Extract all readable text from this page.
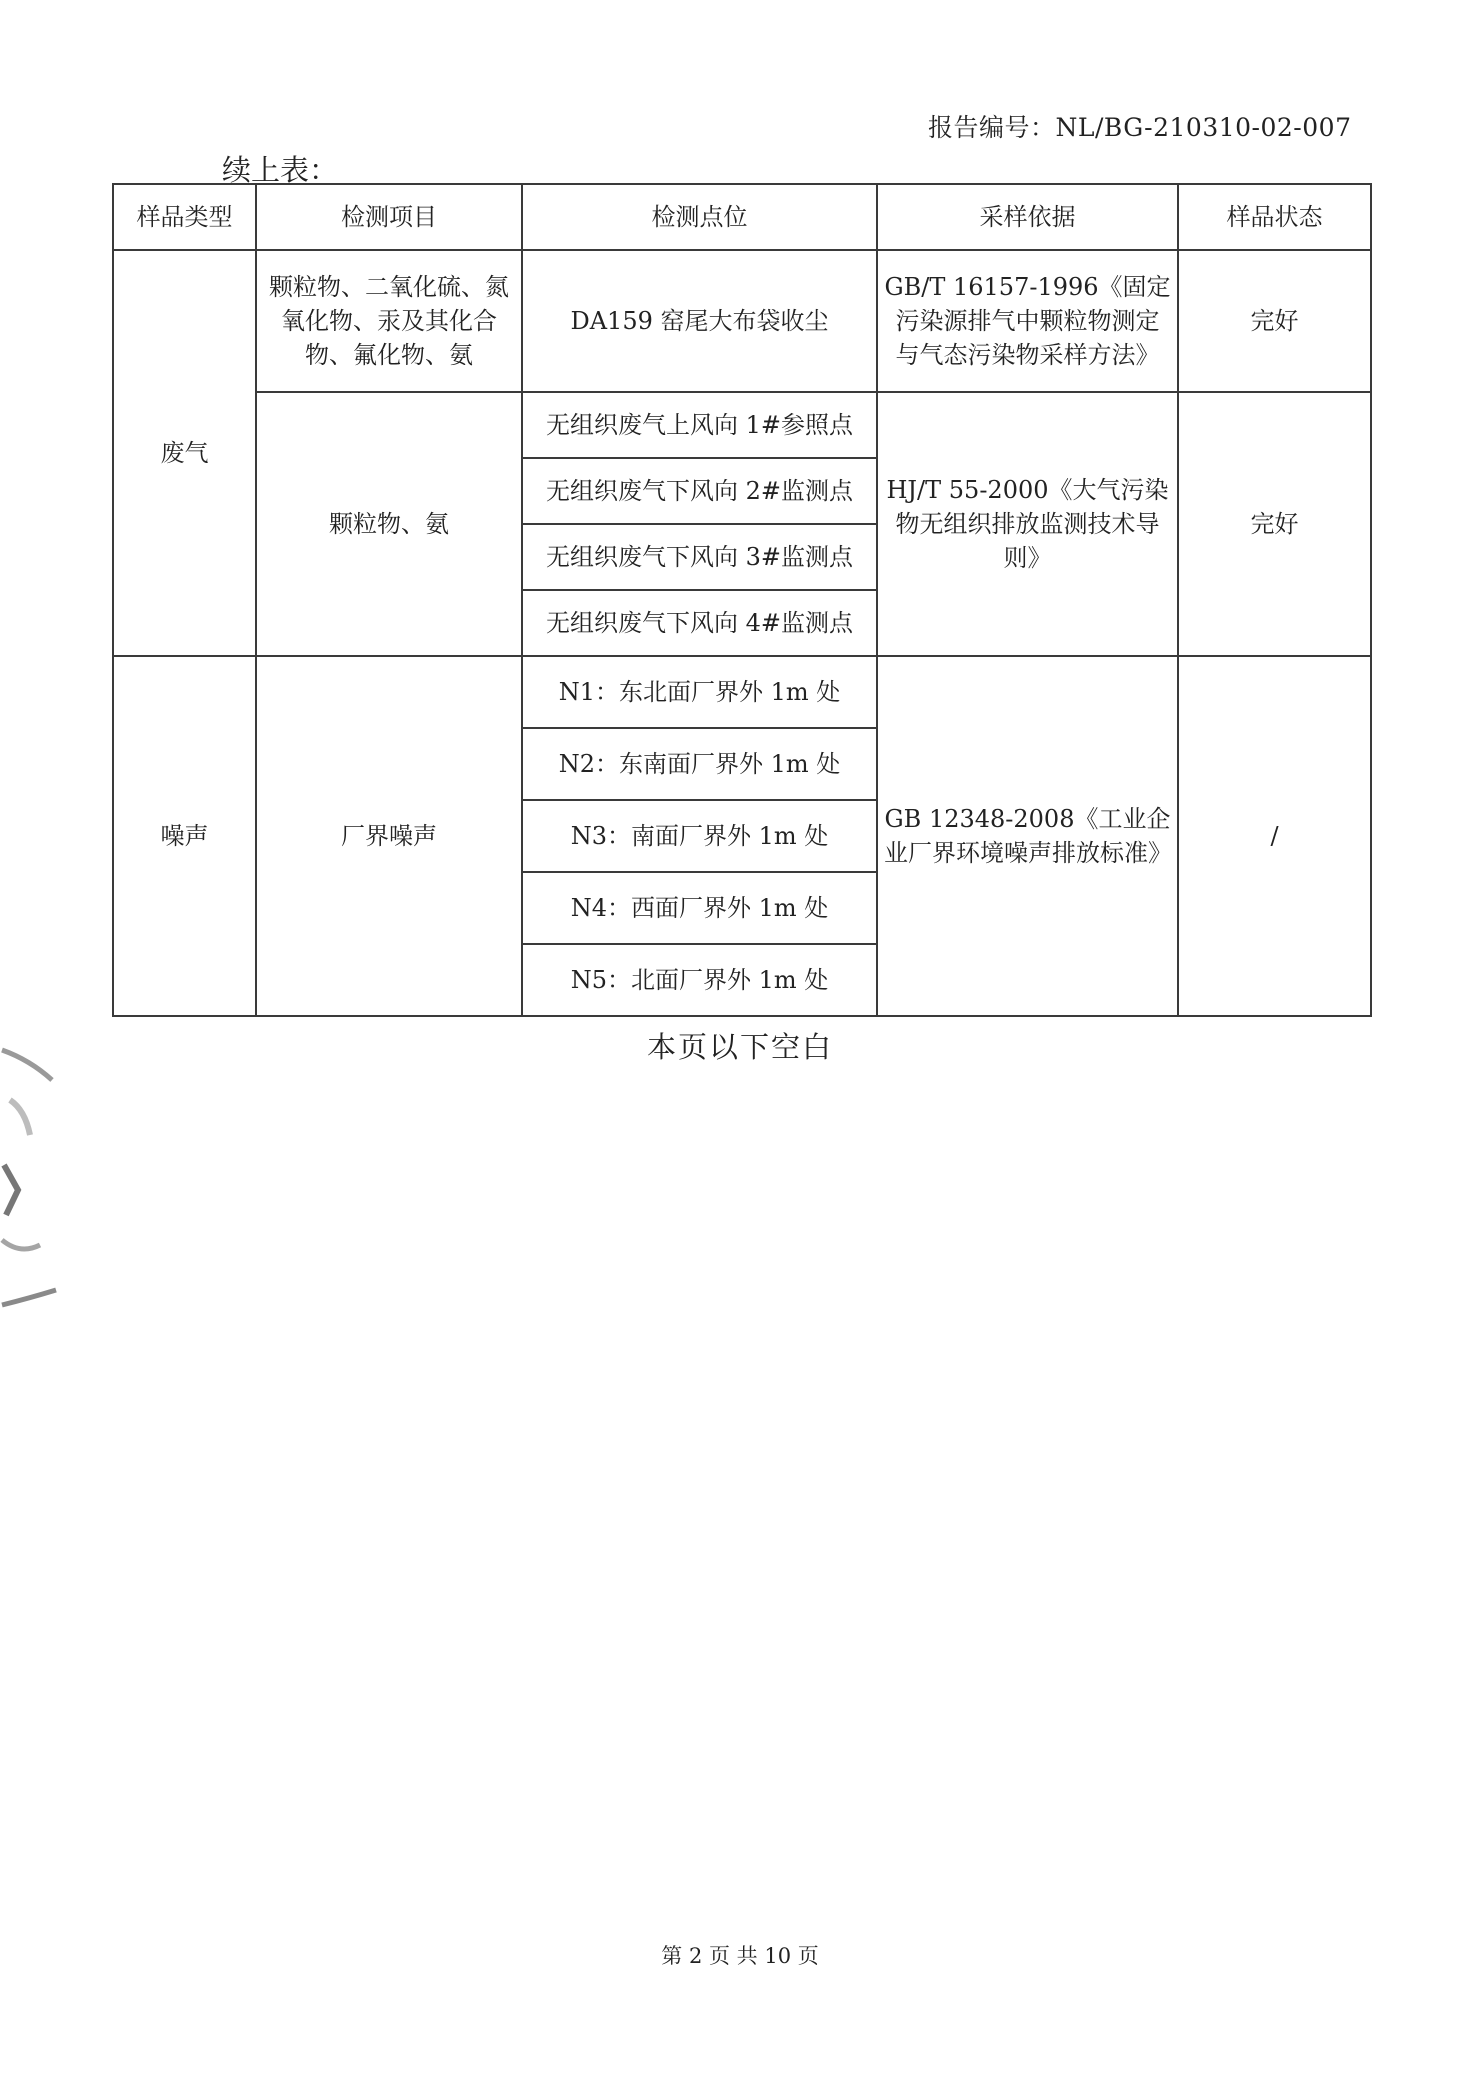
报告编号：NL/BG-210310-02-007
续上表：
样品类型	检测项目	检测点位	采样依据	样品状态
废气	颗粒物、二氧化硫、氮氧化物、汞及其化合物、氟化物、氨	DA159 窑尾大布袋收尘	GB/T 16157-1996《固定污染源排气中颗粒物测定与气态污染物采样方法》	完好
	颗粒物、氨	无组织废气上风向 1#参照点	HJ/T 55-2000《大气污染物无组织排放监测技术导则》	完好
		无组织废气下风向 2#监测点		
		无组织废气下风向 3#监测点		
		无组织废气下风向 4#监测点		
噪声	厂界噪声	N1：东北面厂界外 1m 处	GB 12348-2008《工业企业厂界环境噪声排放标准》	/
		N2：东南面厂界外 1m 处		
		N3：南面厂界外 1m 处		
		N4：西面厂界外 1m 处		
		N5：北面厂界外 1m 处		
本页以下空白
第 2 页 共 10 页
